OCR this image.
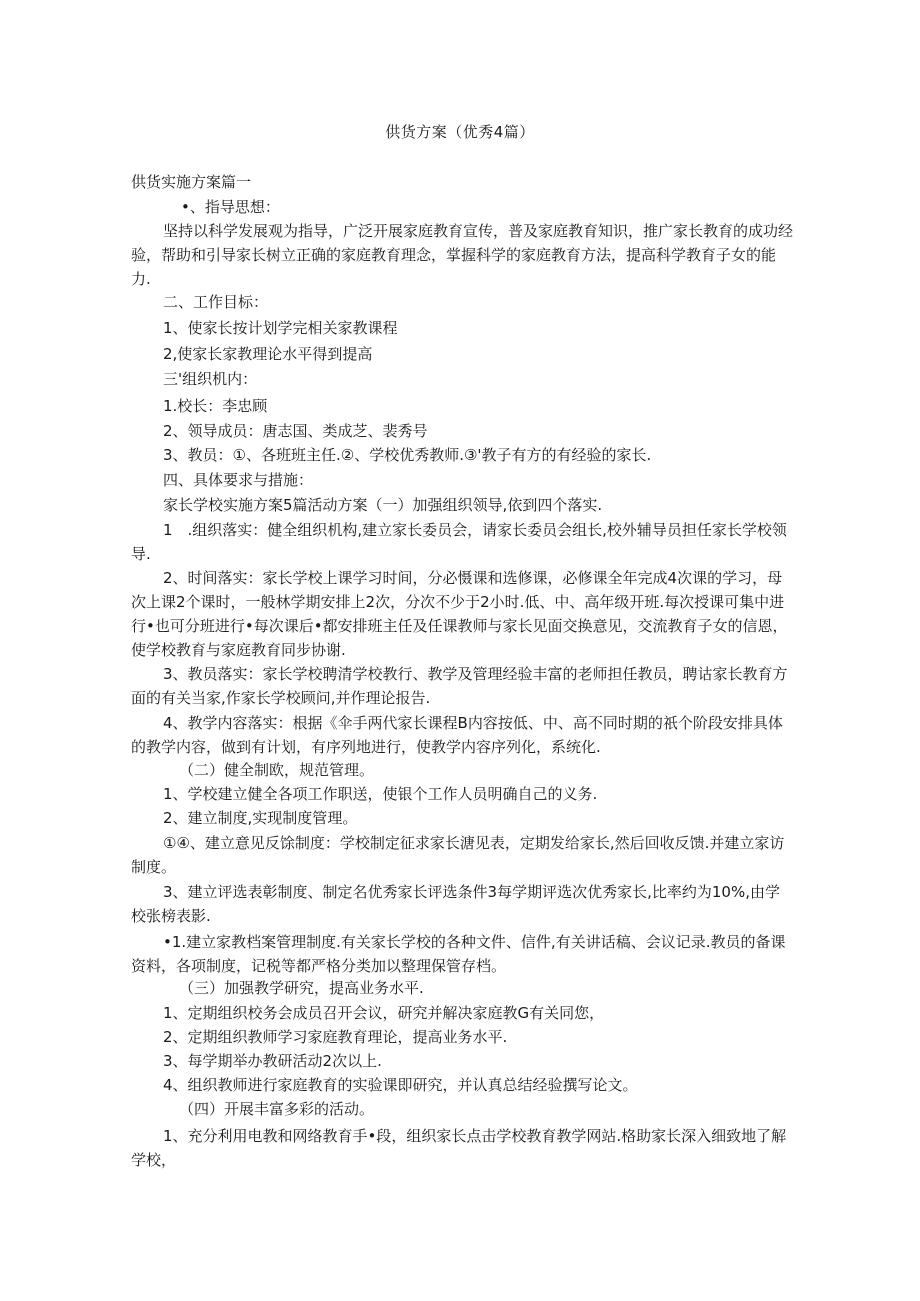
供货方案（优秀4篇）
供货实施方案篇一
•、指导思想：
坚持以科学发展观为指导，广泛开展家庭教育宣传，普及家庭教育知识，推广家长教育的成功经验，帮助和引导家长树立正确的家庭教育理念，掌握科学的家庭教育方法，提高科学教育子女的能力.
二、工作目标：
1、使家长按计划学完相关家教课程
2,使家长家教理论水平得到提高
三'组织机内：
1.校长：李忠顾
2、领导成员：唐志国、类成芝、裴秀号
3、教员：①、各班班主任.②、学校优秀教师.③'教子有方的有经验的家长.
四、具体要求与措施：
家长学校实施方案5篇活动方案（一）加强组织领导,依到四个落实.
1　.组织落实：健全组织机构,建立家长委员会，请家长委员会组长,校外辅导员担任家长学校领导.
2、时间落实：家长学校上课学习时间，分必慑课和选修课，必修课全年完成4次课的学习，母次上课2个课时，一般林学期安排上2次，分次不少于2小时.低、中、高年级开班.每次授课可集中进行•也可分班进行•每次课后•都安排班主任及任课教师与家长见面交换意见，交流教育子女的信恩，使学校教育与家庭教育同步协谢.
3、教员落实：家长学校聘清学校教行、教学及管理经验丰富的老师担任教员，聘诂家长教育方面的有关当家,作家长学校顾问,并作理论报告.
4、教学内容落实：根据《伞手两代家长课程B内容按低、中、高不同时期的祇个阶段安排具体的教学内容，做到有计划，有序列地进行，使教学内容序列化，系统化.
（二）健全制欧，规范管理。
1、学校建立健全各项工作职送，使银个工作人员明确自己的义务.
2、建立制度,实现制度管理。
①④、建立意见反馀制度：学校制定征求家长溏见表，定期发给家长,然后回收反馈.并建立家访制度。
3、建立评选表彰制度、制定名优秀家长评选条件3每学期评选次优秀家长,比率约为10%,由学校张榜表影.
•1.建立家教档案管理制度.有关家长学校的各种文件、信件,有关讲话稿、会议记录.教员的备课资料，各项制度，记税等都严格分类加以整理保管存档。
（三）加强教学研究，提高业务水平.
1、定期组织校务会成员召开会议，研究并解决家庭教G有关同您，
2、定期组织教师学习家庭教育理论，提高业务水平.
3、每学期举办教研活动2次以上.
4、组织教师进行家庭教育的实验课即研究，并认真总结经验撰写论文。
（四）开展丰富多彩的活动。
1、充分利用电教和网络教育手•段，组织家长点击学校教育教学网站.格助家长深入细致地了解学校，
